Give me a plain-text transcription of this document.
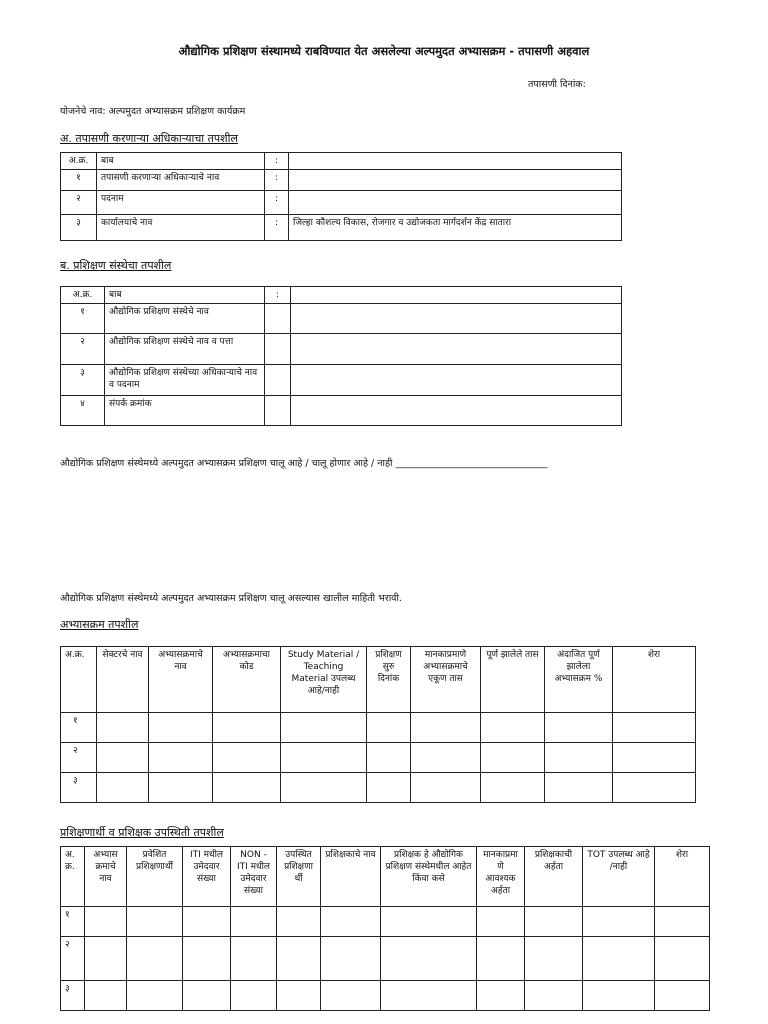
औद्योगिक प्रशिक्षण संस्थामध्ये राबविण्यात येत असलेल्या अल्पमुदत अभ्यासक्रम - तपासणी अहवाल
तपासणी दिनांक:
योजनेचे नाव: अल्पमुदत अभ्यासक्रम प्रशिक्षण कार्यक्रम
अ. तपासणी करणाऱ्या अधिकाऱ्याचा तपशील
अ.क्र.	बाब	:	
१	तपासणी करणाऱ्या अधिकाऱ्याचे नाव	:	
२	पदनाम	:	
३	कार्यालयाचे नाव	:	जिल्हा कौशल्य विकास, रोजगार व उद्योजकता मार्गदर्शन केंद्र सातारा
ब. प्रशिक्षण संस्थेचा तपशील
अ.क्र.	बाब	:	
१	औद्योगिक प्रशिक्षण संस्थेचे नाव		
२	औद्योगिक प्रशिक्षण संस्थेचे नाव व पत्ता		
३	औद्योगिक प्रशिक्षण संस्थेच्या अधिकाऱ्याचे नाव व पदनाम		
४	संपर्क क्रमांक		
औद्योगिक प्रशिक्षण संस्थेमध्ये अल्पमुदत अभ्यासक्रम प्रशिक्षण चालू आहे / चालू होणार आहे / नाही ________________________________
औद्योगिक प्रशिक्षण संस्थेमध्ये अल्पमुदत अभ्यासक्रम प्रशिक्षण चालू असल्यास खालील माहिती भरावी.
अभ्यासक्रम तपशील
अ.क्र.	सेक्टरचे नाव	अभ्यासक्रमाचे नाव	अभ्यासक्रमाचा कोड	Study Material / Teaching Material उपलब्ध आहे/नाही	प्रशिक्षण सुरु दिनांक	मानकाप्रमाणे अभ्यासक्रमाचे एकूण तास	पूर्ण झालेले तास	अंदाजित पूर्ण झालेला अभ्यासक्रम %	शेरा
१									
२									
३									
प्रशिक्षणार्थी व प्रशिक्षक उपस्थिती तपशील
अ. क्र.	अभ्यास क्रमाचे नाव	प्रवेशित प्रशिक्षणार्थी	ITI मधील उमेदवार संख्या	NON - ITI मधील उमेदवार संख्या	उपस्थित प्रशिक्षणा र्थी	प्रशिक्षकाचे नाव	प्रशिक्षक हे औद्योगिक प्रशिक्षण संस्थेमधील आहेत किंवा कसे	मानकाप्रमा णे आवश्यक अर्हता	प्रशिक्षकाची अर्हता	TOT उपलब्ध आहे /नाही	शेरा
१											
२											
३											
